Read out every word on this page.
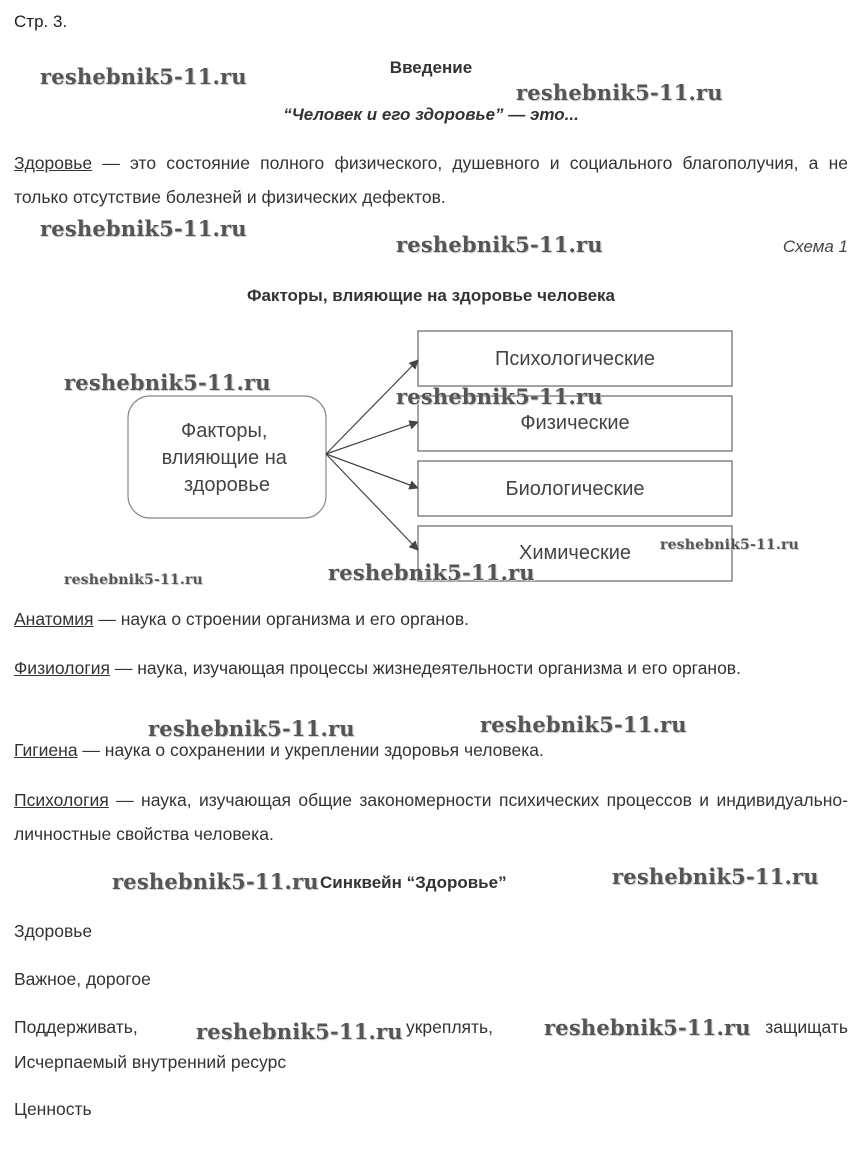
Стр. 3.
Введение
“Человек и его здоровье” — это...
Здоровье — это состояние полного физического, душевного и социального благополучия, а не только отсутствие болезней и физических дефектов.
Схема 1
Факторы, влияющие на здоровье человека
Факторы, влияющие на здоровье
Психологические
Физические
Биологические
Химические
Анатомия — наука о строении организма и его органов.
Физиология — наука, изучающая процессы жизнедеятельности организма и его органов.
Гигиена — наука о сохранении и укреплении здоровья человека.
Психология — наука, изучающая общие закономерности психических процессов и индивидуально-личностные свойства человека.
Синквейн “Здоровье”
Здоровье
Важное, дорогое
Поддерживать,	укреплять,	защищать
Исчерпаемый внутренний ресурс
Ценность
reshebnik5-11.ru
reshebnik5-11.ru
reshebnik5-11.ru
reshebnik5-11.ru
reshebnik5-11.ru
reshebnik5-11.ru
reshebnik5-11.ru
reshebnik5-11.ru
reshebnik5-11.ru
reshebnik5-11.ru	reshebnik5-11.ru
reshebnik5-11.ru	reshebnik5-11.ru
reshebnik5-11.ru	reshebnik5-11.ru
